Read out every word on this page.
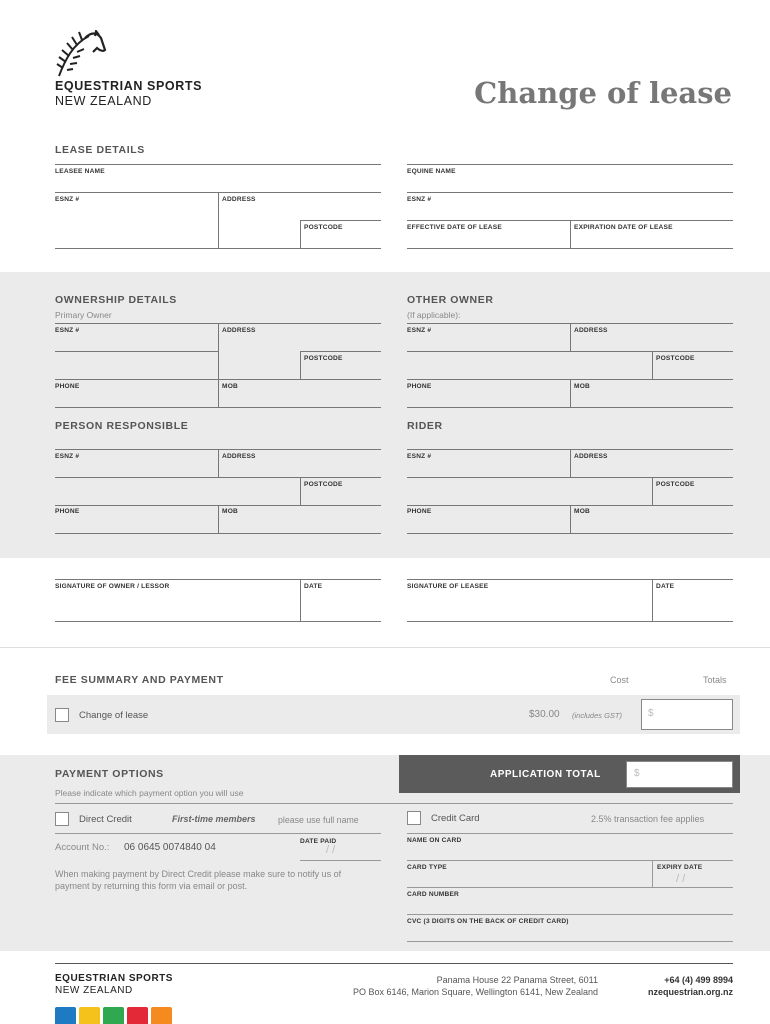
EQUESTRIAN SPORTS
NEW ZEALAND	Change of lease
LEASE DETAILS
LEASEE NAME
ESNZ #	ADDRESS
POSTCODE
EQUINE NAME
ESNZ #
EFFECTIVE DATE OF LEASE	EXPIRATION DATE OF LEASE
OWNERSHIP DETAILS
Primary Owner
OTHER OWNER
(If applicable):
ESNZ #	ADDRESS
POSTCODE
PHONE	MOB
ESNZ #	ADDRESS
POSTCODE
PHONE	MOB
PERSON RESPONSIBLE	RIDER
ESNZ #	ADDRESS
POSTCODE
PHONE	MOB
ESNZ #	ADDRESS
POSTCODE
PHONE	MOB
SIGNATURE OF OWNER / LESSOR	DATE	SIGNATURE OF LEASEE	DATE
FEE SUMMARY AND PAYMENT	Cost	Totals
Change of lease	$30.00 (includes GST)	$
APPLICATION TOTAL	$
PAYMENT OPTIONS
Please indicate which payment option you will use
Direct Credit	First-time members	please use full name
DATE PAID
/ /
Account No.: 06 0645 0074840 04
When making payment by Direct Credit please make sure to notify us of payment by returning this form via email or post.
Credit Card	2.5% transaction fee applies
NAME ON CARD
CARD TYPE	EXPIRY DATE
/ /
CARD NUMBER
CVC (3 DIGITS ON THE BACK OF CREDIT CARD)
EQUESTRIAN SPORTS
NEW ZEALAND
Panama House 22 Panama Street, 6011
PO Box 6146, Marion Square, Wellington 6141, New Zealand
+64 (4) 499 8994
nzequestrian.org.nz
